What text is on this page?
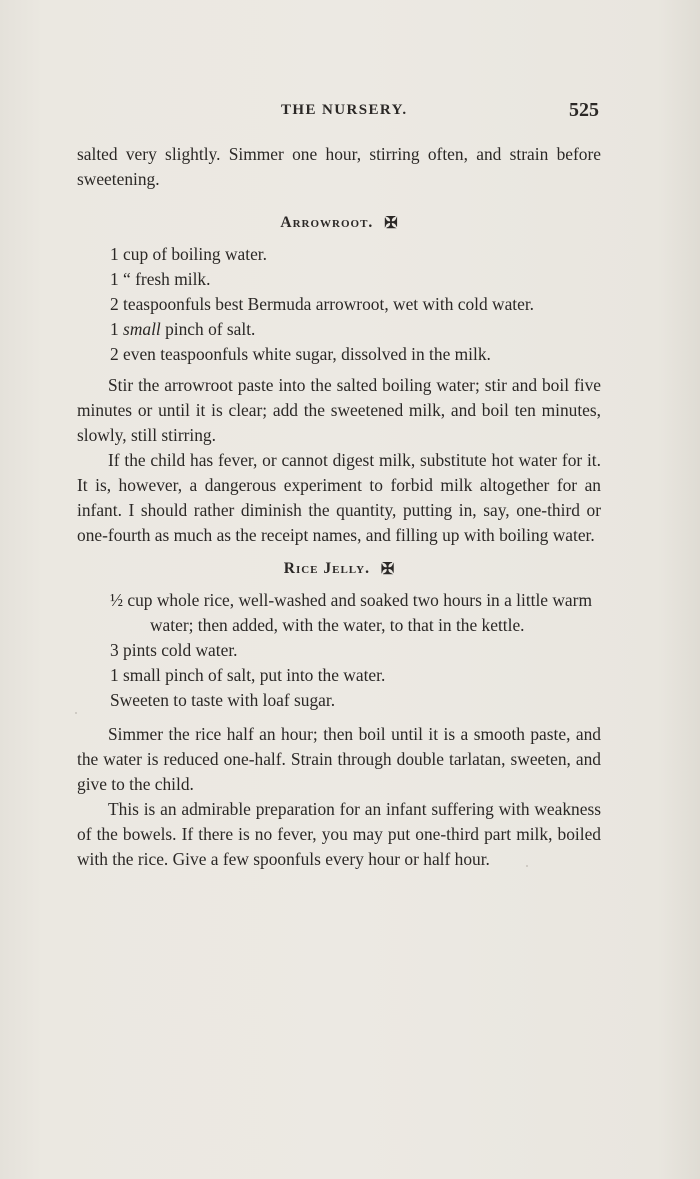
THE NURSERY.	525

salted very slightly. Simmer one hour, stirring often, and strain before sweetening.

Arrowroot. ✠
1 cup of boiling water.
1 “ fresh milk.
2 teaspoonfuls best Bermuda arrowroot, wet with cold water.
1 small pinch of salt.
2 even teaspoonfuls white sugar, dissolved in the milk.

Stir the arrowroot paste into the salted boiling water; stir and boil five minutes or until it is clear; add the sweetened milk, and boil ten minutes, slowly, still stirring.

If the child has fever, or cannot digest milk, substitute hot water for it. It is, however, a dangerous experiment to forbid milk altogether for an infant. I should rather diminish the quantity, putting in, say, one-third or one-fourth as much as the receipt names, and filling up with boiling water.

Rice Jelly. ✠
½ cup whole rice, well-washed and soaked two hours in a little warm water; then added, with the water, to that in the kettle.
3 pints cold water.
1 small pinch of salt, put into the water.
Sweeten to taste with loaf sugar.

Simmer the rice half an hour; then boil until it is a smooth paste, and the water is reduced one-half. Strain through double tarlatan, sweeten, and give to the child.

This is an admirable preparation for an infant suffering with weakness of the bowels. If there is no fever, you may put one-third part milk, boiled with the rice. Give a few spoonfuls every hour or half hour.
